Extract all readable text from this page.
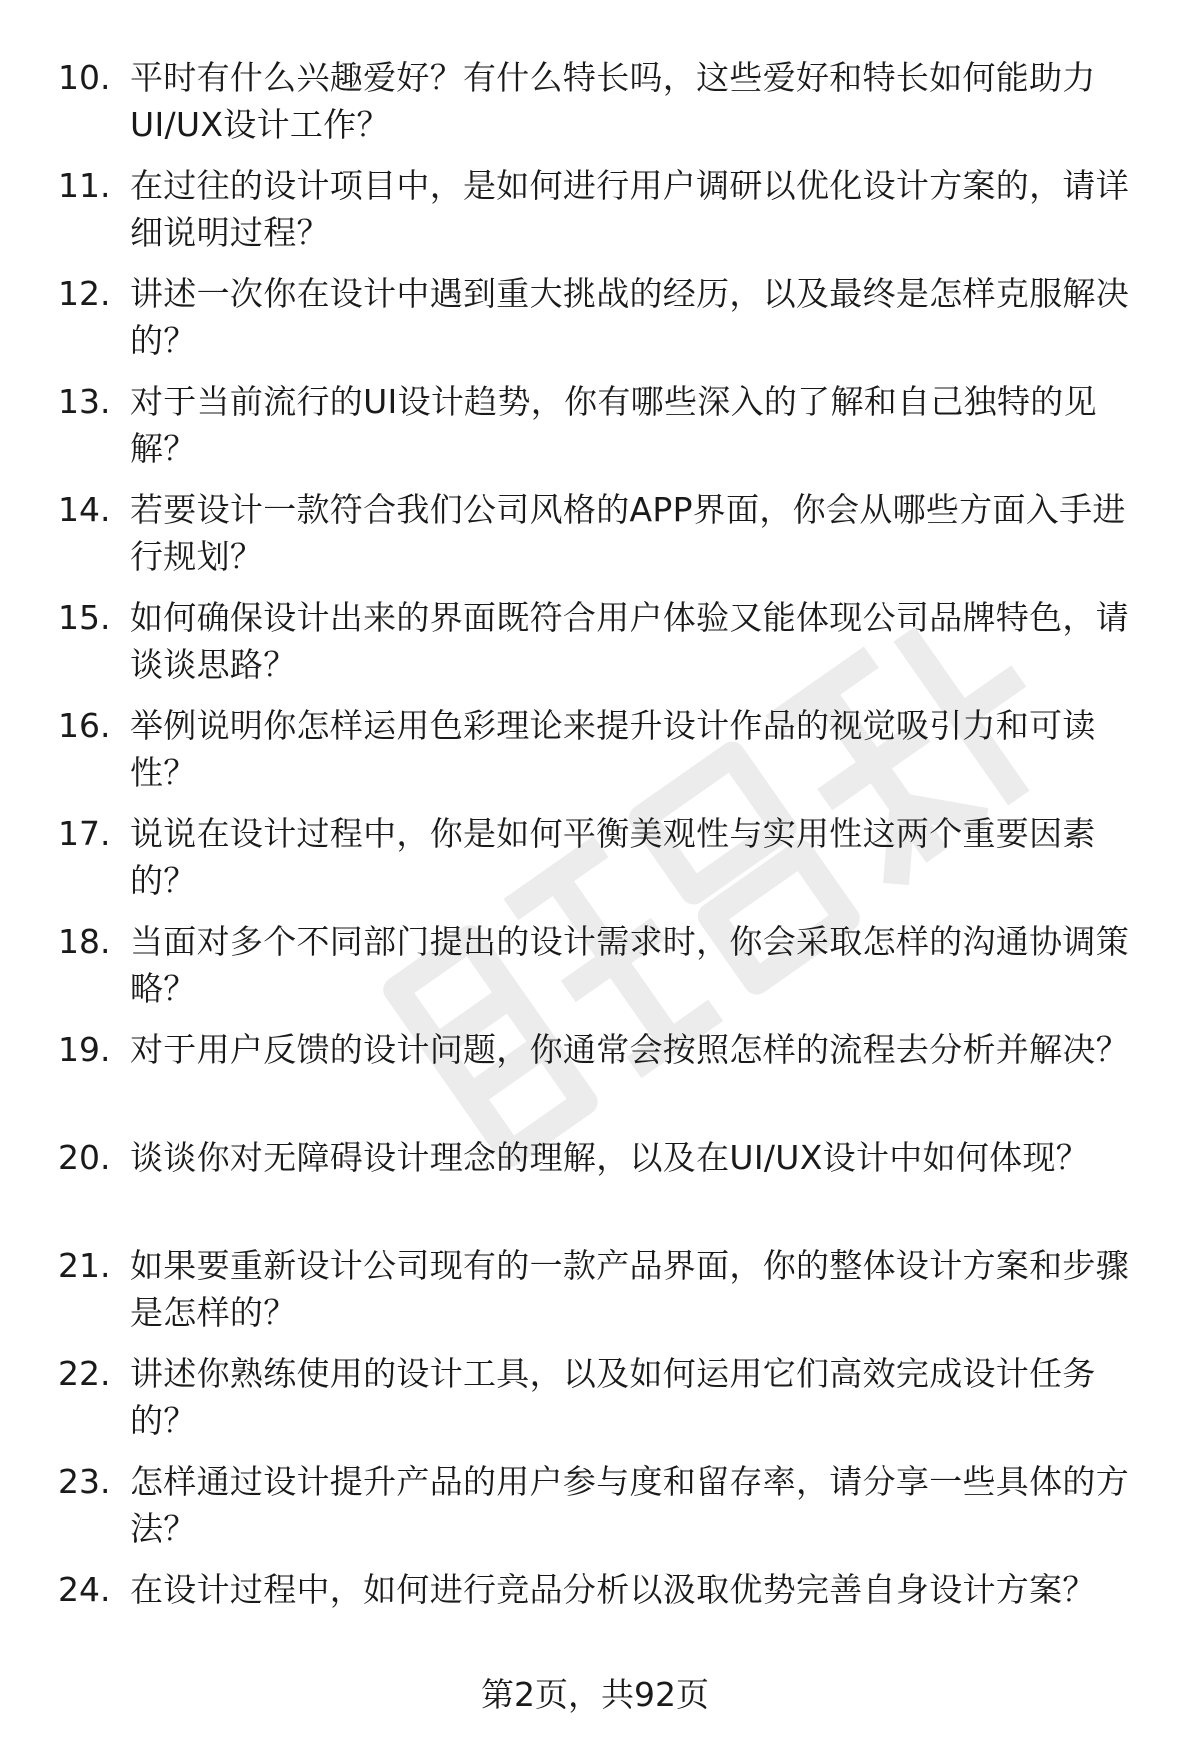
10. 平时有什么兴趣爱好？有什么特长吗，这些爱好和特长如何能助力UI/UX设计工作？
11. 在过往的设计项目中，是如何进行用户调研以优化设计方案的，请详细说明过程？
12. 讲述一次你在设计中遇到重大挑战的经历，以及最终是怎样克服解决的？
13. 对于当前流行的UI设计趋势，你有哪些深入的了解和自己独特的见解？
14. 若要设计一款符合我们公司风格的APP界面，你会从哪些方面入手进行规划？
15. 如何确保设计出来的界面既符合用户体验又能体现公司品牌特色，请谈谈思路？
16. 举例说明你怎样运用色彩理论来提升设计作品的视觉吸引力和可读性？
17. 说说在设计过程中，你是如何平衡美观性与实用性这两个重要因素的？
18. 当面对多个不同部门提出的设计需求时，你会采取怎样的沟通协调策略？
19. 对于用户反馈的设计问题，你通常会按照怎样的流程去分析并解决？
20. 谈谈你对无障碍设计理念的理解，以及在UI/UX设计中如何体现？
21. 如果要重新设计公司现有的一款产品界面，你的整体设计方案和步骤是怎样的？
22. 讲述你熟练使用的设计工具，以及如何运用它们高效完成设计任务的？
23. 怎样通过设计提升产品的用户参与度和留存率，请分享一些具体的方法？
24. 在设计过程中，如何进行竞品分析以汲取优势完善自身设计方案？
第2页，共92页
